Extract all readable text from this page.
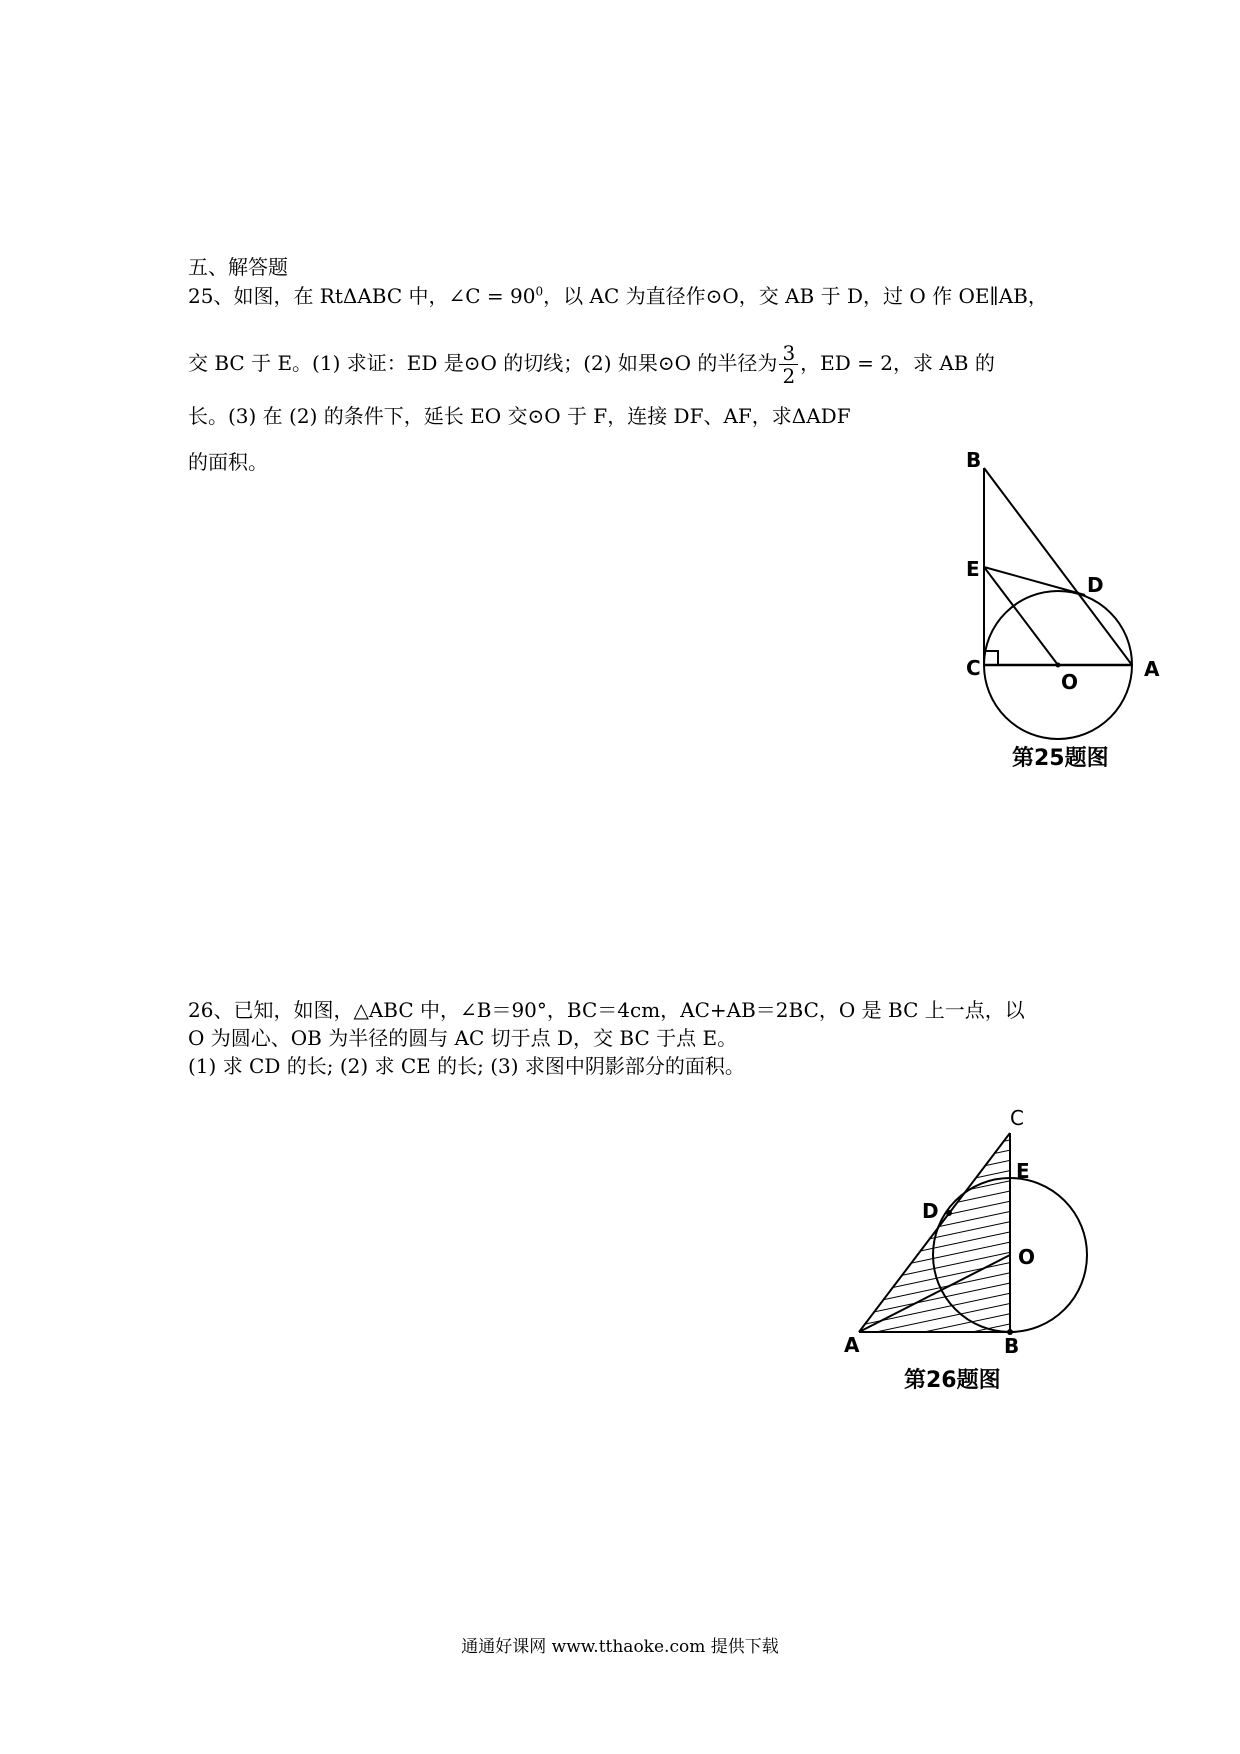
五、解答题
25、如图，在 RtΔABC 中，∠C = $90^0$，以 AC 为直径作⊙O，交 AB 于 D，过 O 作 OE∥AB，
交 BC 于 E。(1) 求证：ED 是⊙O 的切线；(2) 如果⊙O 的半径为 $\frac{3}{2}$ ，ED = 2，求 AB 的
长。(3) 在 (2) 的条件下，延长 EO 交⊙O 于 F，连接 DF、AF，求ΔADF
的面积。	B
E
D
C
O
A
第25题图
26、已知，如图，△ABC 中，∠B＝90°，BC＝4cm，AC+AB＝2BC，O 是 BC 上一点，以
O 为圆心、OB 为半径的圆与 AC 切于点 D，交 BC 于点 E。
(1) 求 CD 的长; (2) 求 CE 的长; (3) 求图中阴影部分的面积。
C
E
D
O
A	B
第26题图
通通好课网 www.tthaoke.com 提供下载
